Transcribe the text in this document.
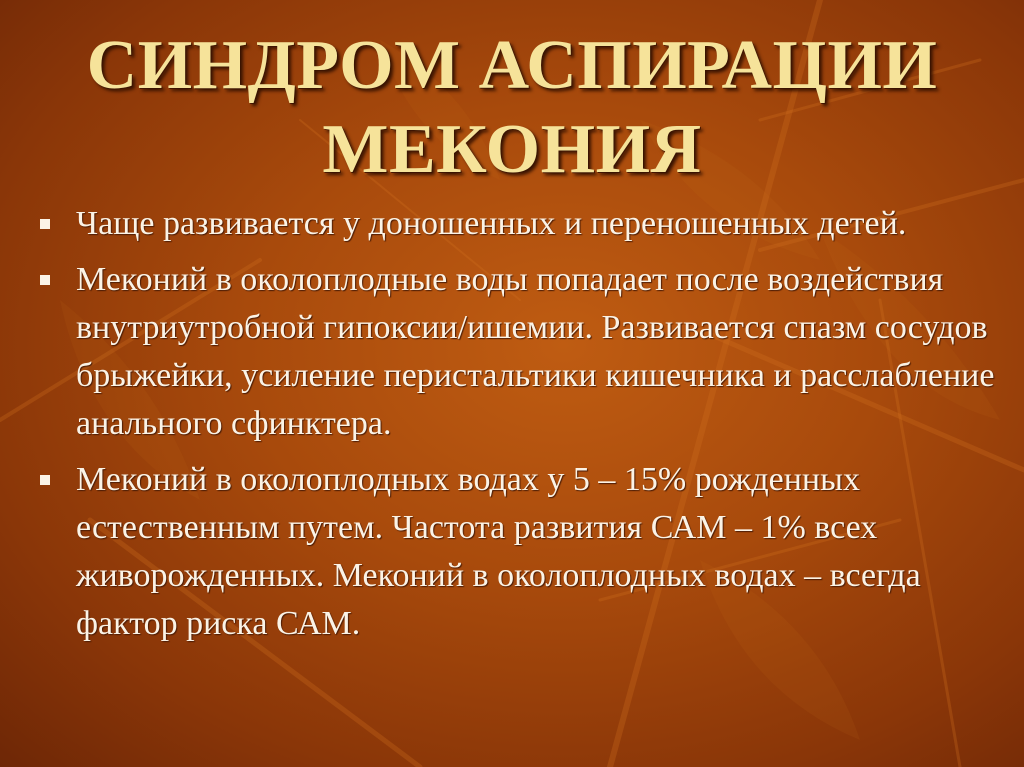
СИНДРОМ АСПИРАЦИИ
МЕКОНИЯ
Чаще развивается у доношенных и переношенных детей.
Меконий в околоплодные воды попадает после воздействия внутриутробной гипоксии/ишемии. Развивается спазм сосудов брыжейки, усиление перистальтики кишечника и расслабление анального сфинктера.
Меконий в околоплодных водах у 5 – 15% рожденных естественным путем. Частота развития САМ – 1% всех живорожденных. Меконий в околоплодных водах – всегда фактор риска САМ.
